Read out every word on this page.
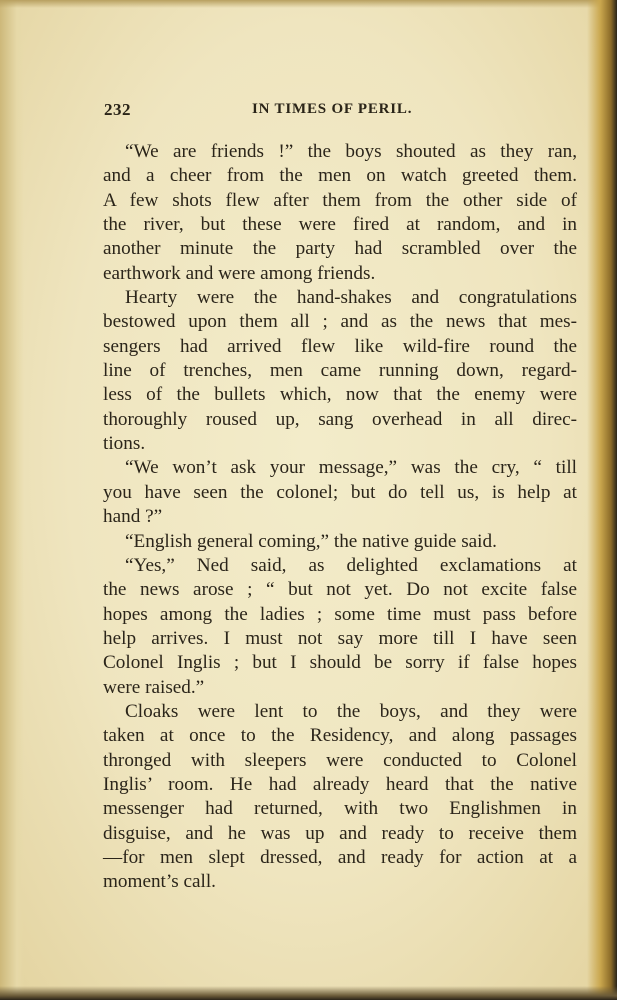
232	IN TIMES OF PERIL.
“We are friends !” the boys shouted as they ran,
and a cheer from the men on watch greeted them.
A few shots flew after them from the other side of
the river, but these were fired at random, and in
another minute the party had scrambled over the
earthwork and were among friends.
Hearty were the hand-shakes and congratulations
bestowed upon them all ; and as the news that mes-
sengers had arrived flew like wild-fire round the
line of trenches, men came running down, regard-
less of the bullets which, now that the enemy were
thoroughly roused up, sang overhead in all direc-
tions.
“We won’t ask your message,” was the cry, “ till
you have seen the colonel; but do tell us, is help at
hand ?”
“English general coming,” the native guide said.
“Yes,” Ned said, as delighted exclamations at
the news arose ; “ but not yet. Do not excite false
hopes among the ladies ; some time must pass before
help arrives. I must not say more till I have seen
Colonel Inglis ; but I should be sorry if false hopes
were raised.”
Cloaks were lent to the boys, and they were
taken at once to the Residency, and along passages
thronged with sleepers were conducted to Colonel
Inglis’ room. He had already heard that the native
messenger had returned, with two Englishmen in
disguise, and he was up and ready to receive them
—for men slept dressed, and ready for action at a
moment’s call.
